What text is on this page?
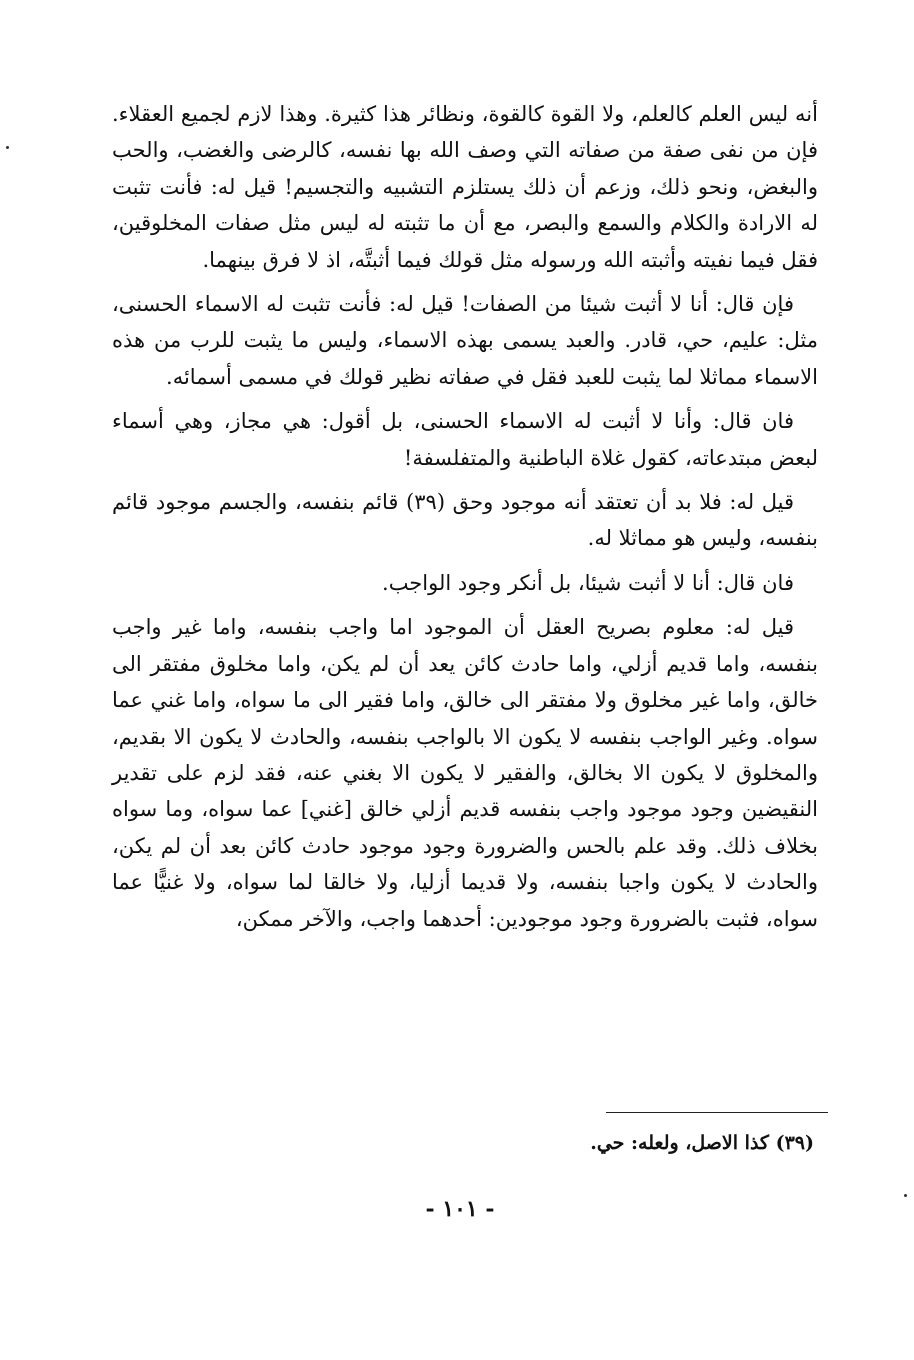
أنه ليس العلم كالعلم، ولا القوة كالقوة، ونظائر هذا كثيرة. وهذا لازم لجميع العقلاء. فإن من نفى صفة من صفاته التي وصف الله بها نفسه، كالرضى والغضب، والحب والبغض، ونحو ذلك، وزعم أن ذلك يستلزم التشبيه والتجسيم! قيل له: فأنت تثبت له الارادة والكلام والسمع والبصر، مع أن ما تثبته له ليس مثل صفات المخلوقين، فقل فيما نفيته وأثبته الله ورسوله مثل قولك فيما أثبتَّه، اذ لا فرق بينهما.

فإن قال: أنا لا أثبت شيئا من الصفات! قيل له: فأنت تثبت له الاسماء الحسنى، مثل: عليم، حي، قادر. والعبد يسمى بهذه الاسماء، وليس ما يثبت للرب من هذه الاسماء مماثلا لما يثبت للعبد فقل في صفاته نظير قولك في مسمى أسمائه.

فان قال: وأنا لا أثبت له الاسماء الحسنى، بل أقول: هي مجاز، وهي أسماء لبعض مبتدعاته، كقول غلاة الباطنية والمتفلسفة!

قيل له: فلا بد أن تعتقد أنه موجود وحق (٣٩) قائم بنفسه، والجسم موجود قائم بنفسه، وليس هو مماثلا له.

فان قال: أنا لا أثبت شيئا، بل أنكر وجود الواجب.

قيل له: معلوم بصريح العقل أن الموجود اما واجب بنفسه، واما غير واجب بنفسه، واما قديم أزلي، واما حادث كائن يعد أن لم يكن، واما مخلوق مفتقر الى خالق، واما غير مخلوق ولا مفتقر الى خالق، واما فقير الى ما سواه، واما غني عما سواه. وغير الواجب بنفسه لا يكون الا بالواجب بنفسه، والحادث لا يكون الا بقديم، والمخلوق لا يكون الا بخالق، والفقير لا يكون الا بغني عنه، فقد لزم على تقدير النقيضين وجود موجود واجب بنفسه قديم أزلي خالق [غني] عما سواه، وما سواه بخلاف ذلك. وقد علم بالحس والضرورة وجود موجود حادث كائن بعد أن لم يكن، والحادث لا يكون واجبا بنفسه، ولا قديما أزليا، ولا خالقا لما سواه، ولا غنيًّا عما سواه، فثبت بالضرورة وجود موجودين: أحدهما واجب، والآخر ممكن،

(٣٩) كذا الاصل، ولعله: حي.
- ١٠١ -
